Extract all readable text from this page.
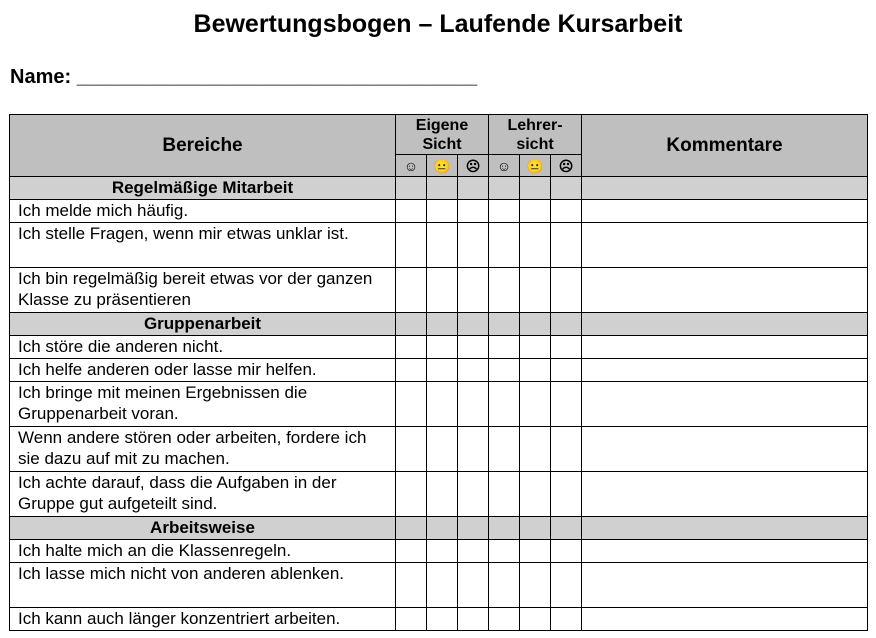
Bewertungsbogen – Laufende Kursarbeit
Name: ____________________________________
Bereiche	Eigene Sicht			Lehrer-sicht			Kommentare
	☺	😐	☹	☺	😐	☹	
Regelmäßige Mitarbeit							
Ich melde mich häufig.							
Ich stelle Fragen, wenn mir etwas unklar ist.							
Ich bin regelmäßig bereit etwas vor der ganzen Klasse zu präsentieren							
Gruppenarbeit							
Ich störe die anderen nicht.							
Ich helfe anderen oder lasse mir helfen.							
Ich bringe mit meinen Ergebnissen die Gruppenarbeit voran.							
Wenn andere stören oder arbeiten, fordere ich sie dazu auf mit zu machen.							
Ich achte darauf, dass die Aufgaben in der Gruppe gut aufgeteilt sind.							
Arbeitsweise							
Ich halte mich an die Klassenregeln.							
Ich lasse mich nicht von anderen ablenken.							
Ich kann auch länger konzentriert arbeiten.							
